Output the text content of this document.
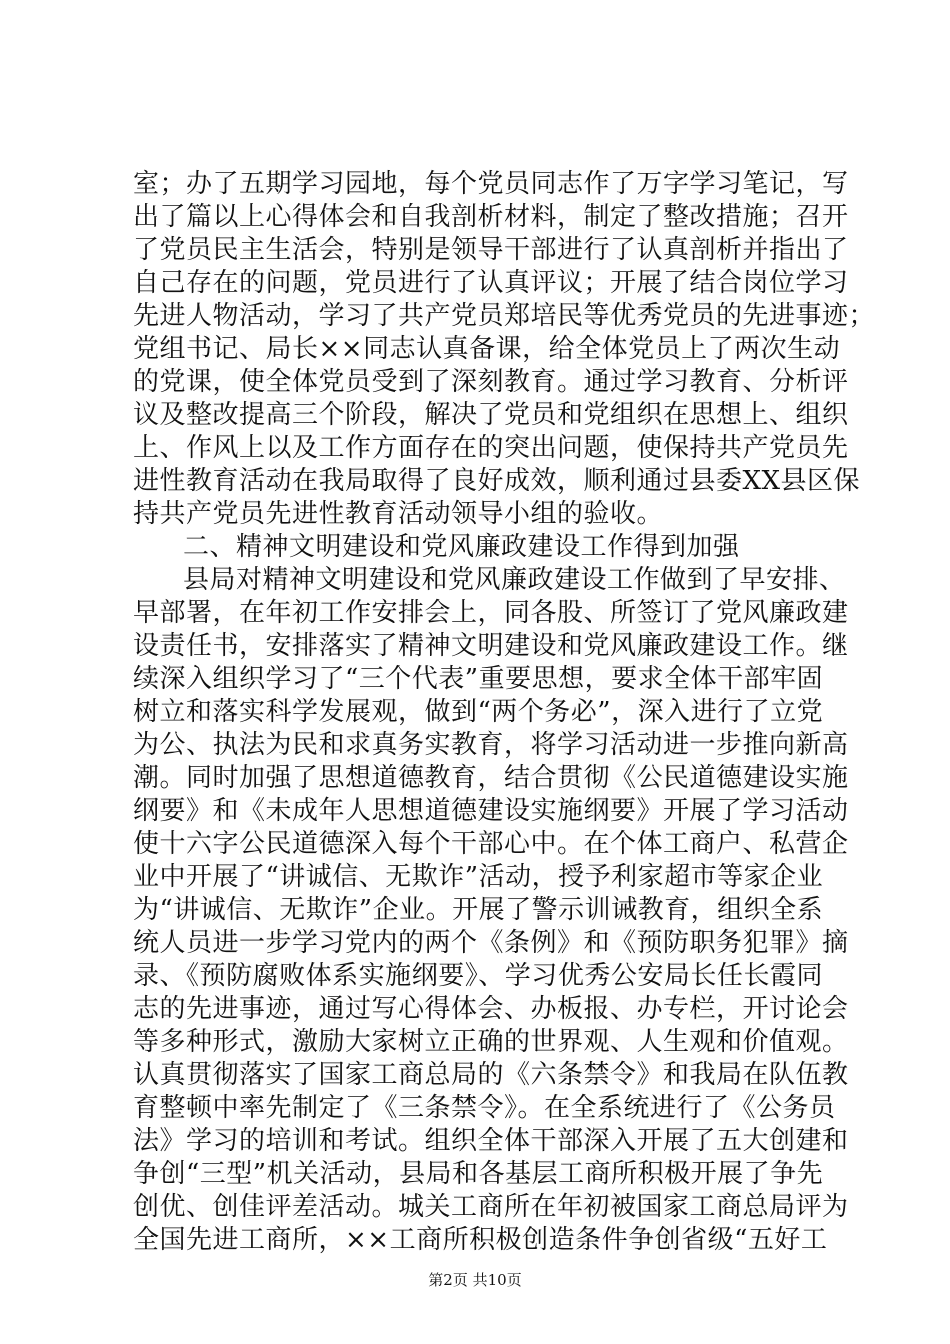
室；办了五期学习园地，每个党员同志作了万字学习笔记，写
出了篇以上心得体会和自我剖析材料，制定了整改措施；召开
了党员民主生活会，特别是领导干部进行了认真剖析并指出了
自己存在的问题，党员进行了认真评议；开展了结合岗位学习
先进人物活动，学习了共产党员郑培民等优秀党员的先进事迹；
党组书记、局长××同志认真备课，给全体党员上了两次生动
的党课，使全体党员受到了深刻教育。通过学习教育、分析评
议及整改提高三个阶段，解决了党员和党组织在思想上、组织
上、作风上以及工作方面存在的突出问题，使保持共产党员先
进性教育活动在我局取得了良好成效，顺利通过县委XX县区保
持共产党员先进性教育活动领导小组的验收。
二、精神文明建设和党风廉政建设工作得到加强
县局对精神文明建设和党风廉政建设工作做到了早安排、
早部署，在年初工作安排会上，同各股、所签订了党风廉政建
设责任书，安排落实了精神文明建设和党风廉政建设工作。继
续深入组织学习了“三个代表”重要思想，要求全体干部牢固
树立和落实科学发展观，做到“两个务必”，深入进行了立党
为公、执法为民和求真务实教育，将学习活动进一步推向新高
潮。同时加强了思想道德教育，结合贯彻《公民道德建设实施
纲要》和《未成年人思想道德建设实施纲要》开展了学习活动
使十六字公民道德深入每个干部心中。在个体工商户、私营企
业中开展了“讲诚信、无欺诈”活动，授予利家超市等家企业
为“讲诚信、无欺诈”企业。开展了警示训诫教育，组织全系
统人员进一步学习党内的两个《条例》和《预防职务犯罪》摘
录、《预防腐败体系实施纲要》、学习优秀公安局长任长霞同
志的先进事迹，通过写心得体会、办板报、办专栏，开讨论会
等多种形式，激励大家树立正确的世界观、人生观和价值观。
认真贯彻落实了国家工商总局的《六条禁令》和我局在队伍教
育整顿中率先制定了《三条禁令》。在全系统进行了《公务员
法》学习的培训和考试。组织全体干部深入开展了五大创建和
争创“三型”机关活动，县局和各基层工商所积极开展了争先
创优、创佳评差活动。城关工商所在年初被国家工商总局评为
全国先进工商所，××工商所积极创造条件争创省级“五好工
第2页 共10页
